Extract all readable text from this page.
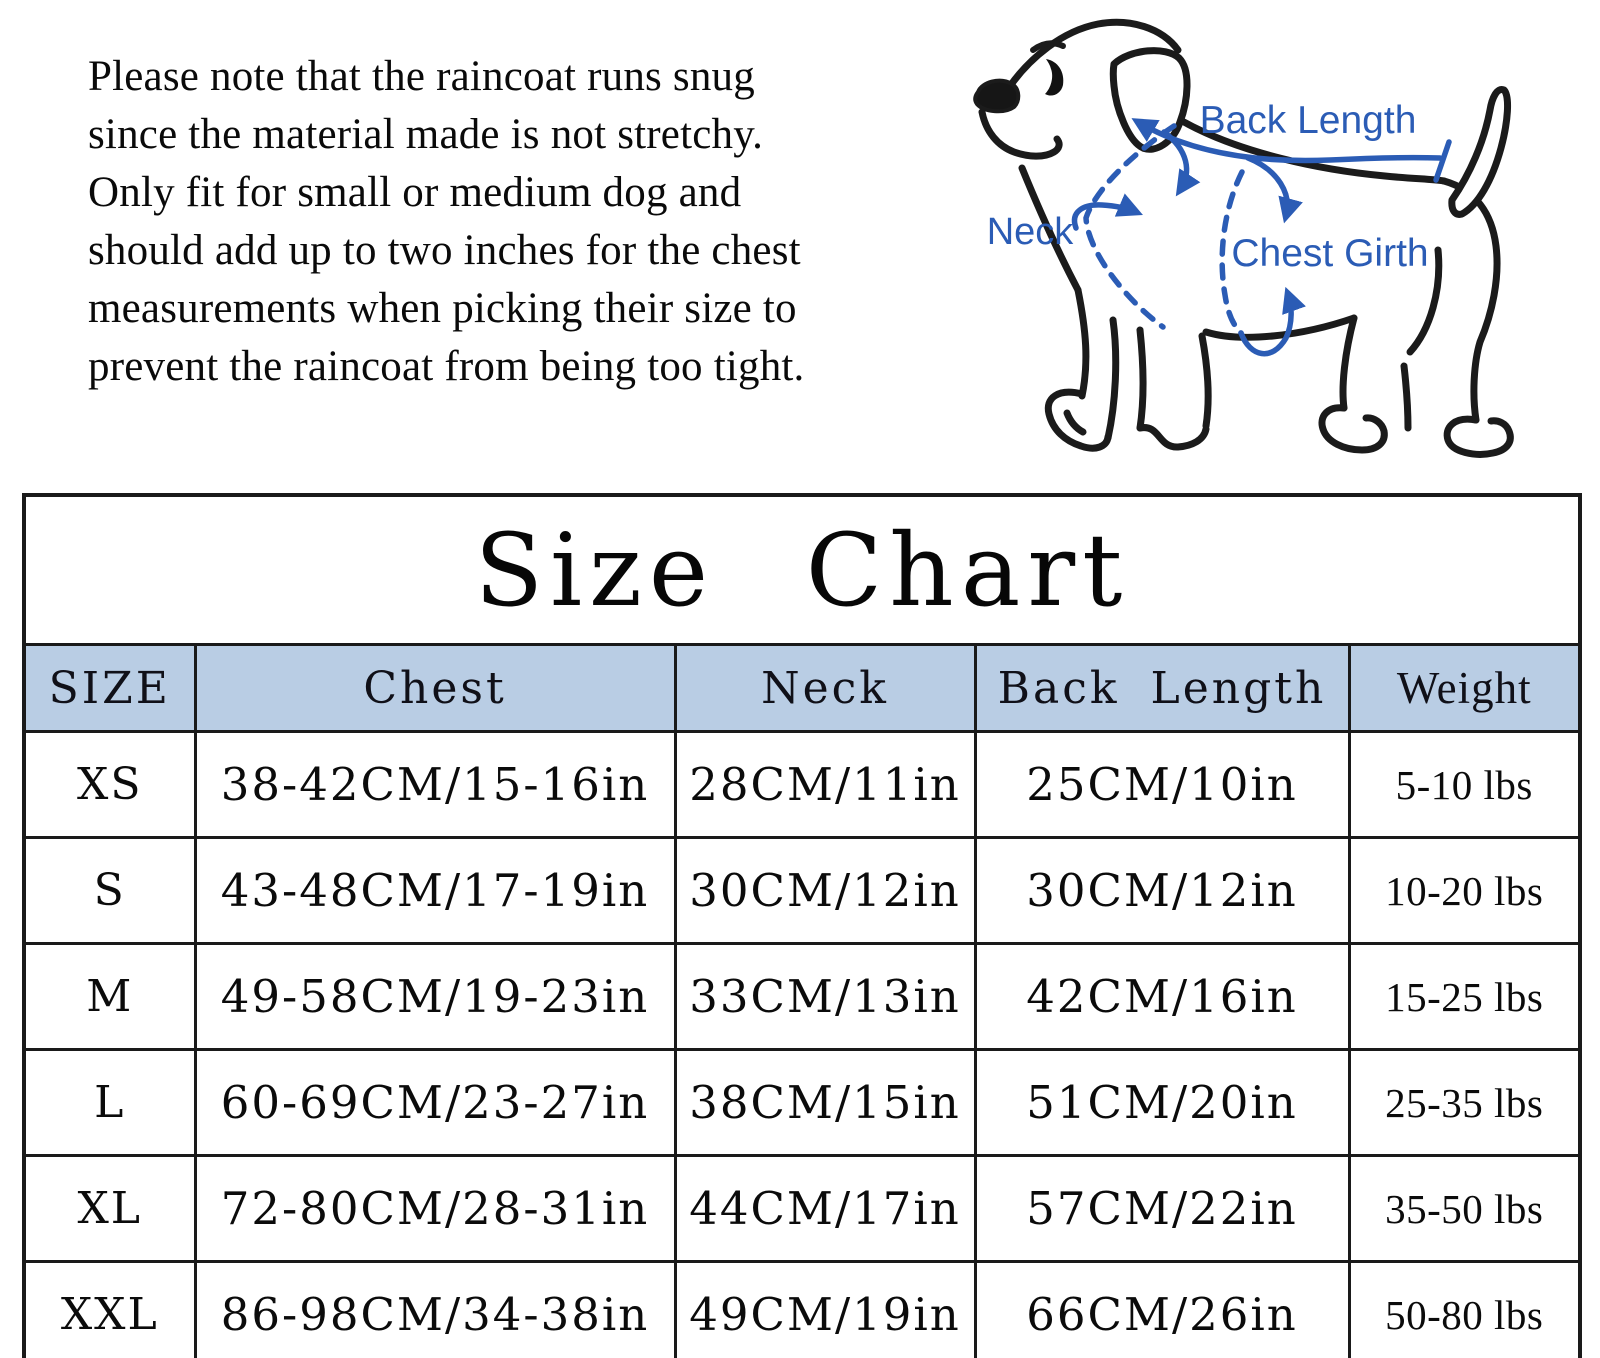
Please note that the raincoat runs snug
since the material made is not stretchy.
Only fit for small or medium dog and
should add up to two inches for the chest
measurements when picking their size to
prevent the raincoat from being too tight.
Back Length
Neck	Chest Girth
Size Chart				
SIZE	Chest	Neck	Back Length	Weight
XS	38-42CM/15-16in	28CM/11in	25CM/10in	5-10 lbs
S	43-48CM/17-19in	30CM/12in	30CM/12in	10-20 lbs
M	49-58CM/19-23in	33CM/13in	42CM/16in	15-25 lbs
L	60-69CM/23-27in	38CM/15in	51CM/20in	25-35 lbs
XL	72-80CM/28-31in	44CM/17in	57CM/22in	35-50 lbs
XXL	86-98CM/34-38in	49CM/19in	66CM/26in	50-80 lbs
